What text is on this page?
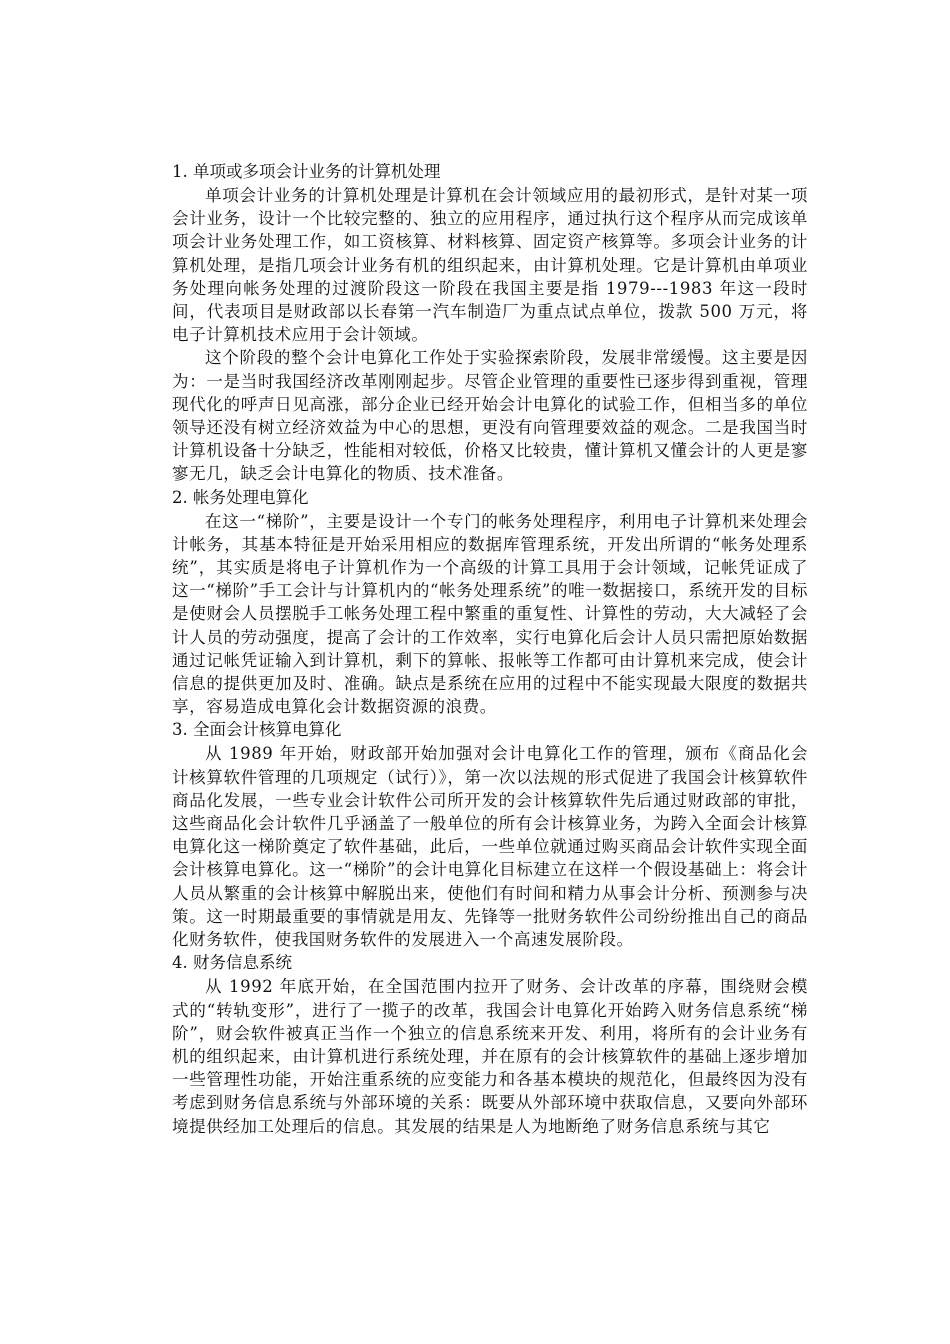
1. 单项或多项会计业务的计算机处理

单项会计业务的计算机处理是计算机在会计领域应用的最初形式，是针对某一项会计业务，设计一个比较完整的、独立的应用程序，通过执行这个程序从而完成该单项会计业务处理工作，如工资核算、材料核算、固定资产核算等。多项会计业务的计算机处理，是指几项会计业务有机的组织起来，由计算机处理。它是计算机由单项业务处理向帐务处理的过渡阶段这一阶段在我国主要是指 1979---1983 年这一段时间，代表项目是财政部以长春第一汽车制造厂为重点试点单位，拨款 500 万元，将电子计算机技术应用于会计领域。

这个阶段的整个会计电算化工作处于实验探索阶段，发展非常缓慢。这主要是因为：一是当时我国经济改革刚刚起步。尽管企业管理的重要性已逐步得到重视，管理现代化的呼声日见高涨，部分企业已经开始会计电算化的试验工作，但相当多的单位领导还没有树立经济效益为中心的思想，更没有向管理要效益的观念。二是我国当时计算机设备十分缺乏，性能相对较低，价格又比较贵，懂计算机又懂会计的人更是寥寥无几，缺乏会计电算化的物质、技术准备。

2. 帐务处理电算化

在这一“梯阶”，主要是设计一个专门的帐务处理程序，利用电子计算机来处理会计帐务，其基本特征是开始采用相应的数据库管理系统，开发出所谓的“帐务处理系统”，其实质是将电子计算机作为一个高级的计算工具用于会计领域，记帐凭证成了这一“梯阶”手工会计与计算机内的“帐务处理系统”的唯一数据接口，系统开发的目标是使财会人员摆脱手工帐务处理工程中繁重的重复性、计算性的劳动，大大减轻了会计人员的劳动强度，提高了会计的工作效率，实行电算化后会计人员只需把原始数据通过记帐凭证输入到计算机，剩下的算帐、报帐等工作都可由计算机来完成，使会计信息的提供更加及时、准确。缺点是系统在应用的过程中不能实现最大限度的数据共享，容易造成电算化会计数据资源的浪费。

3. 全面会计核算电算化

从 1989 年开始，财政部开始加强对会计电算化工作的管理，颁布《商品化会计核算软件管理的几项规定（试行）》，第一次以法规的形式促进了我国会计核算软件商品化发展，一些专业会计软件公司所开发的会计核算软件先后通过财政部的审批，这些商品化会计软件几乎涵盖了一般单位的所有会计核算业务，为跨入全面会计核算电算化这一梯阶奠定了软件基础，此后，一些单位就通过购买商品会计软件实现全面会计核算电算化。这一“梯阶”的会计电算化目标建立在这样一个假设基础上：将会计人员从繁重的会计核算中解脱出来，使他们有时间和精力从事会计分析、预测参与决策。这一时期最重要的事情就是用友、先锋等一批财务软件公司纷纷推出自己的商品化财务软件，使我国财务软件的发展进入一个高速发展阶段。

4. 财务信息系统

从 1992 年底开始，在全国范围内拉开了财务、会计改革的序幕，围绕财会模式的“转轨变形”，进行了一揽子的改革，我国会计电算化开始跨入财务信息系统“梯阶”，财会软件被真正当作一个独立的信息系统来开发、利用，将所有的会计业务有机的组织起来，由计算机进行系统处理，并在原有的会计核算软件的基础上逐步增加一些管理性功能，开始注重系统的应变能力和各基本模块的规范化，但最终因为没有考虑到财务信息系统与外部环境的关系：既要从外部环境中获取信息，又要向外部环境提供经加工处理后的信息。其发展的结果是人为地断绝了财务信息系统与其它
